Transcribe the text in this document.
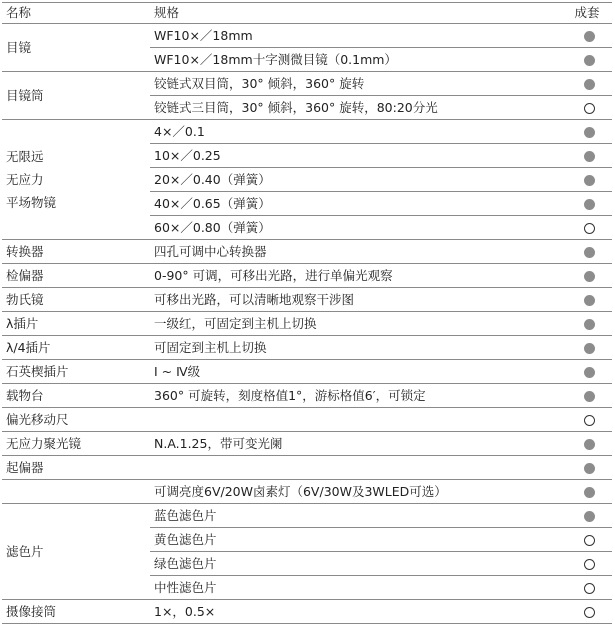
名称	规格	成套
目镜	WF10×／18mm	
	WF10×／18mm十字测微目镜（0.1mm）	
目镜筒	铰链式双目筒，30° 倾斜，360° 旋转	
	铰链式三目筒，30° 倾斜，360° 旋转，80:20分光	
无限远
无应力
平场物镜	4×／0.1	
	10×／0.25	
	20×／0.40（弹簧）	
	40×／0.65（弹簧）	
	60×／0.80（弹簧）	
转换器	四孔可调中心转换器	
检偏器	0-90° 可调，可移出光路，进行单偏光观察	
勃氏镜	可移出光路，可以清晰地观察干涉图	
λ插片	一级红，可固定到主机上切换	
λ/4插片	可固定到主机上切换	
石英楔插片	Ⅰ ~ Ⅳ级	
载物台	360° 可旋转，刻度格值1°，游标格值6′，可锁定	
偏光移动尺		
无应力聚光镜	N.A.1.25，带可变光阑	
起偏器		
	可调亮度6V/20W卤素灯（6V/30W及3WLED可选）	
滤色片	蓝色滤色片	
	黄色滤色片	
	绿色滤色片	
	中性滤色片	
摄像接筒	1×，0.5×	
